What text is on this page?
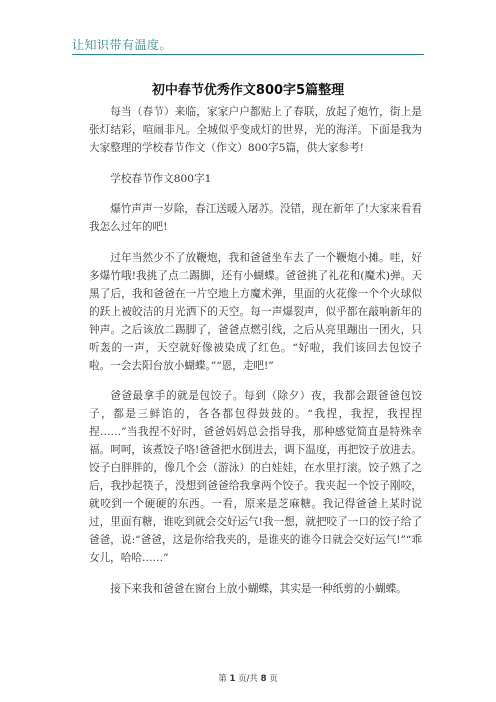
让知识带有温度。
初中春节优秀作文800字5篇整理

每当（春节）来临，家家户户都贴上了春联，放起了炮竹，街上是张灯结彩，喧闹非凡。全城似乎变成灯的世界，光的海洋。下面是我为大家整理的学校春节作文（作文）800字5篇，供大家参考!

学校春节作文800字1

爆竹声声一岁除，春江送暖入屠苏。没错，现在新年了!大家来看看我怎么过年的吧!

过年当然少不了放鞭炮，我和爸爸坐车去了一个鞭炮小摊。哇，好多爆竹哦!我挑了点二踢脚，还有小蝴蝶。爸爸挑了礼花和(魔术)弹。天黑了后，我和爸爸在一片空地上方魔术弹，里面的火花像一个个火球似的跃上被皎洁的月光洒下的天空。每一声爆裂声，似乎都在敲响新年的钟声。之后该放二踢脚了，爸爸点燃引线，之后从亮里蹦出一团火，只听轰的一声，天空就好像被染成了红色。“好啦，我们该回去包饺子啦。一会去阳台放小蝴蝶。”“恩，走吧!”

爸爸最拿手的就是包饺子。每到（除夕）夜，我都会跟爸爸包饺子，都是三鲜馅的，各各都包得鼓鼓的。“我捏，我捏，我捏捏捏……”当我捏不好时，爸爸妈妈总会指导我，那种感觉简直是特殊幸福。呵呵，该煮饺子咯!爸爸把水倒进去，调下温度，再把饺子放进去。饺子白胖胖的，像几个会（游泳）的白娃娃，在水里打滚。饺子熟了之后，我抄起筷子，没想到爸爸给我拿两个饺子。我夹起一个饺子刚咬，就咬到一个硬硬的东西。一看，原来是芝麻糖。我记得爸爸上某时说过，里面有糖，谁吃到就会交好运气!我一想，就把咬了一口的饺子给了爸爸，说:“爸爸，这是你给我夹的，是谁夹的谁今日就会交好运气!”“乖女儿，哈哈……”

接下来我和爸爸在窗台上放小蝴蝶，其实是一种纸剪的小蝴蝶。

第 1 页/共 8 页
